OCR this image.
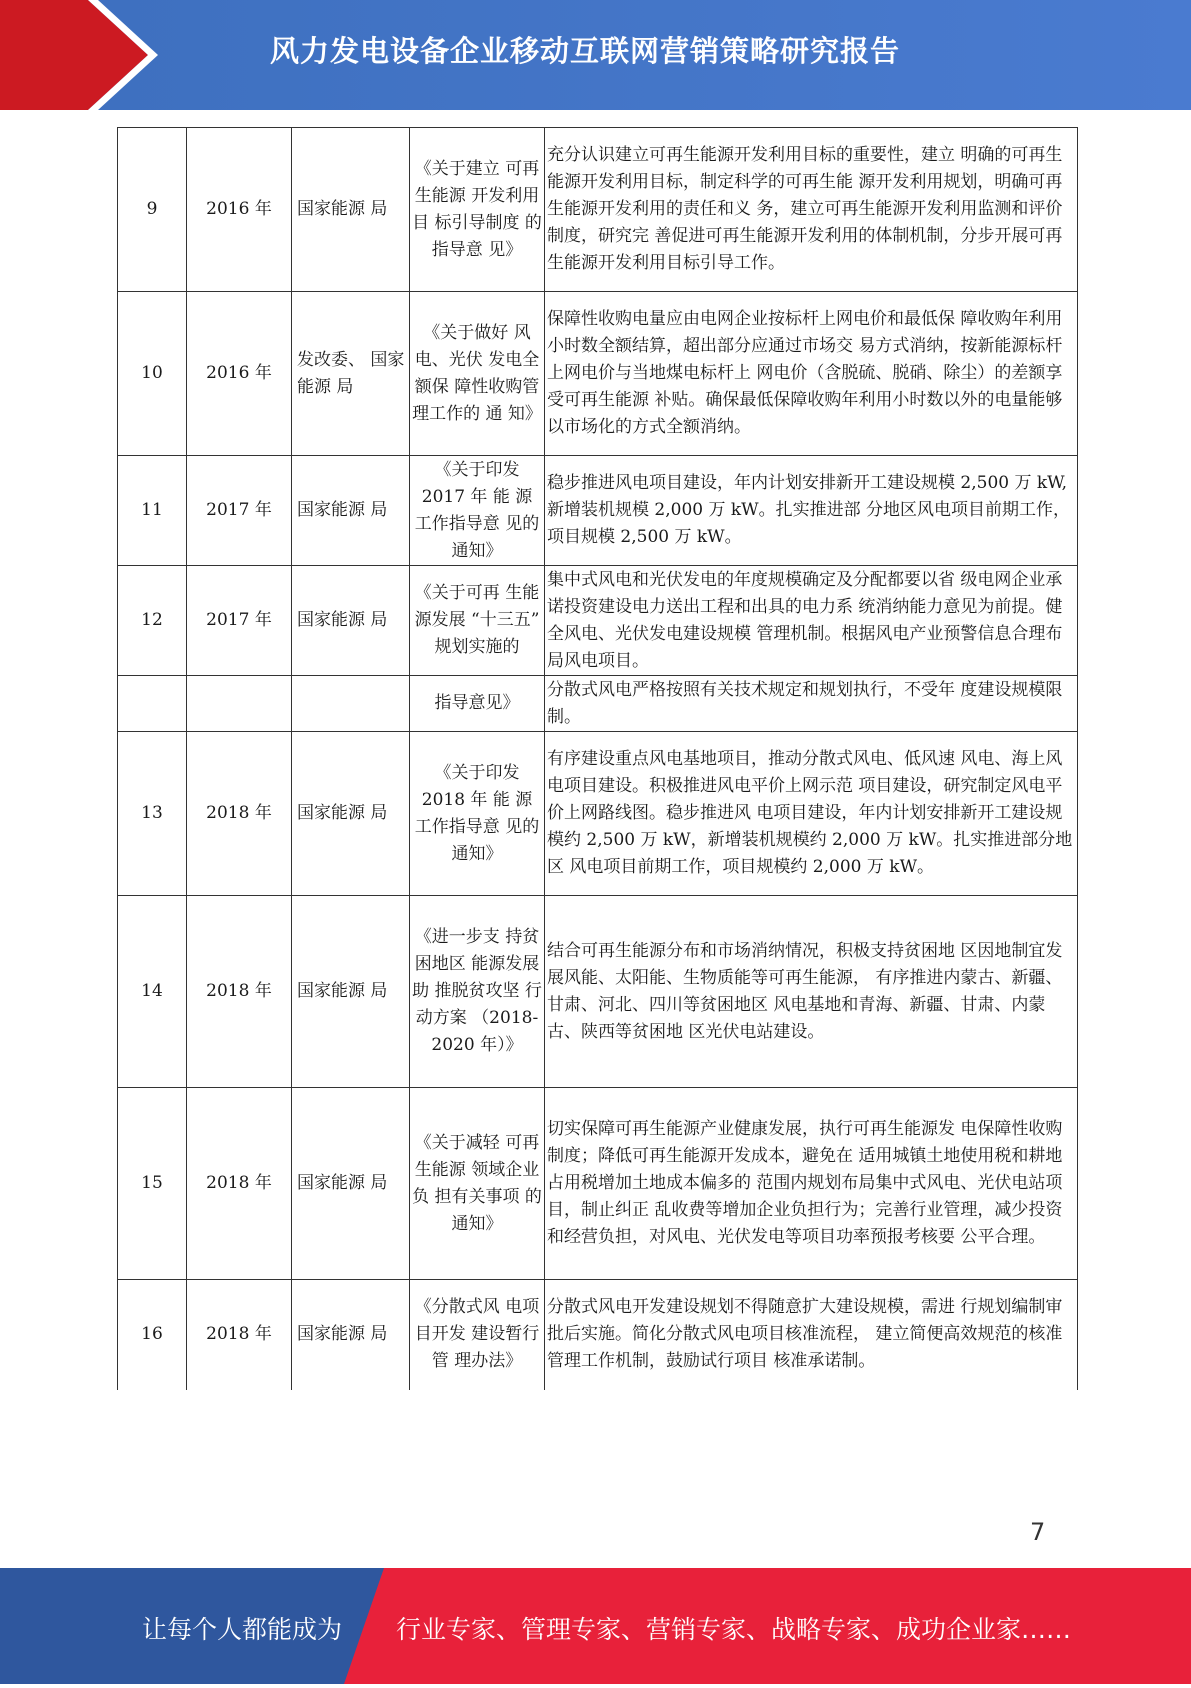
风力发电设备企业移动互联网营销策略研究报告
9	2016 年	国家能源 局	《关于建立 可再生能源 开发利用目 标引导制度 的指导意 见》	充分认识建立可再生能源开发利用目标的重要性，建立 明确的可再生能源开发利用目标，制定科学的可再生能 源开发利用规划，明确可再生能源开发利用的责任和义 务，建立可再生能源开发利用监测和评价制度，研究完 善促进可再生能源开发利用的体制机制，分步开展可再 生能源开发利用目标引导工作。
10	2016 年	发改委、 国家能源 局	《关于做好 风电、光伏 发电全额保 障性收购管 理工作的 通 知》	保障性收购电量应由电网企业按标杆上网电价和最低保 障收购年利用小时数全额结算，超出部分应通过市场交 易方式消纳，按新能源标杆上网电价与当地煤电标杆上 网电价（含脱硫、脱硝、除尘）的差额享受可再生能源 补贴。确保最低保障收购年利用小时数以外的电量能够 以市场化的方式全额消纳。
11	2017 年	国家能源 局	《关于印发 2017 年 能 源 工作指导意 见的通知》	稳步推进风电项目建设，年内计划安排新开工建设规模 2,500 万 kW, 新增装机规模 2,000 万 kW。扎实推进部 分地区风电项目前期工作，项目规模 2,500 万 kW。
12	2017 年	国家能源 局	《关于可再 生能源发展 “十三五” 规划实施的	集中式风电和光伏发电的年度规模确定及分配都要以省 级电网企业承诺投资建设电力送出工程和出具的电力系 统消纳能力意见为前提。健全风电、光伏发电建设规模 管理机制。根据风电产业预警信息合理布局风电项目。
			指导意见》	分散式风电严格按照有关技术规定和规划执行，不受年 度建设规模限制。
13	2018 年	国家能源 局	《关于印发 2018 年 能 源 工作指导意 见的通知》	有序建设重点风电基地项目，推动分散式风电、低风速 风电、海上风电项目建设。积极推进风电平价上网示范 项目建设，研究制定风电平价上网路线图。稳步推进风 电项目建设，年内计划安排新开工建设规模约 2,500 万 kW，新增装机规模约 2,000 万 kW。扎实推进部分地区 风电项目前期工作，项目规模约 2,000 万 kW。
14	2018 年	国家能源 局	《进一步支 持贫困地区 能源发展助 推脱贫攻坚 行动方案 （2018-2020 年）》	结合可再生能源分布和市场消纳情况，积极支持贫困地 区因地制宜发展风能、太阳能、生物质能等可再生能源， 有序推进内蒙古、新疆、甘肃、河北、四川等贫困地区 风电基地和青海、新疆、甘肃、内蒙古、陕西等贫困地 区光伏电站建设。
15	2018 年	国家能源 局	《关于减轻 可再生能源 领域企业负 担有关事项 的通知》	切实保障可再生能源产业健康发展，执行可再生能源发 电保障性收购制度；降低可再生能源开发成本，避免在 适用城镇土地使用税和耕地占用税增加土地成本偏多的 范围内规划布局集中式风电、光伏电站项目，制止纠正 乱收费等增加企业负担行为；完善行业管理，减少投资 和经营负担，对风电、光伏发电等项目功率预报考核要 公平合理。
16	2018 年	国家能源 局	《分散式风 电项目开发 建设暂行管 理办法》	分散式风电开发建设规划不得随意扩大建设规模，需进 行规划编制审批后实施。简化分散式风电项目核准流程， 建立简便高效规范的核准管理工作机制，鼓励试行项目 核准承诺制。
7
让每个人都能成为	行业专家、管理专家、营销专家、战略专家、成功企业家……
